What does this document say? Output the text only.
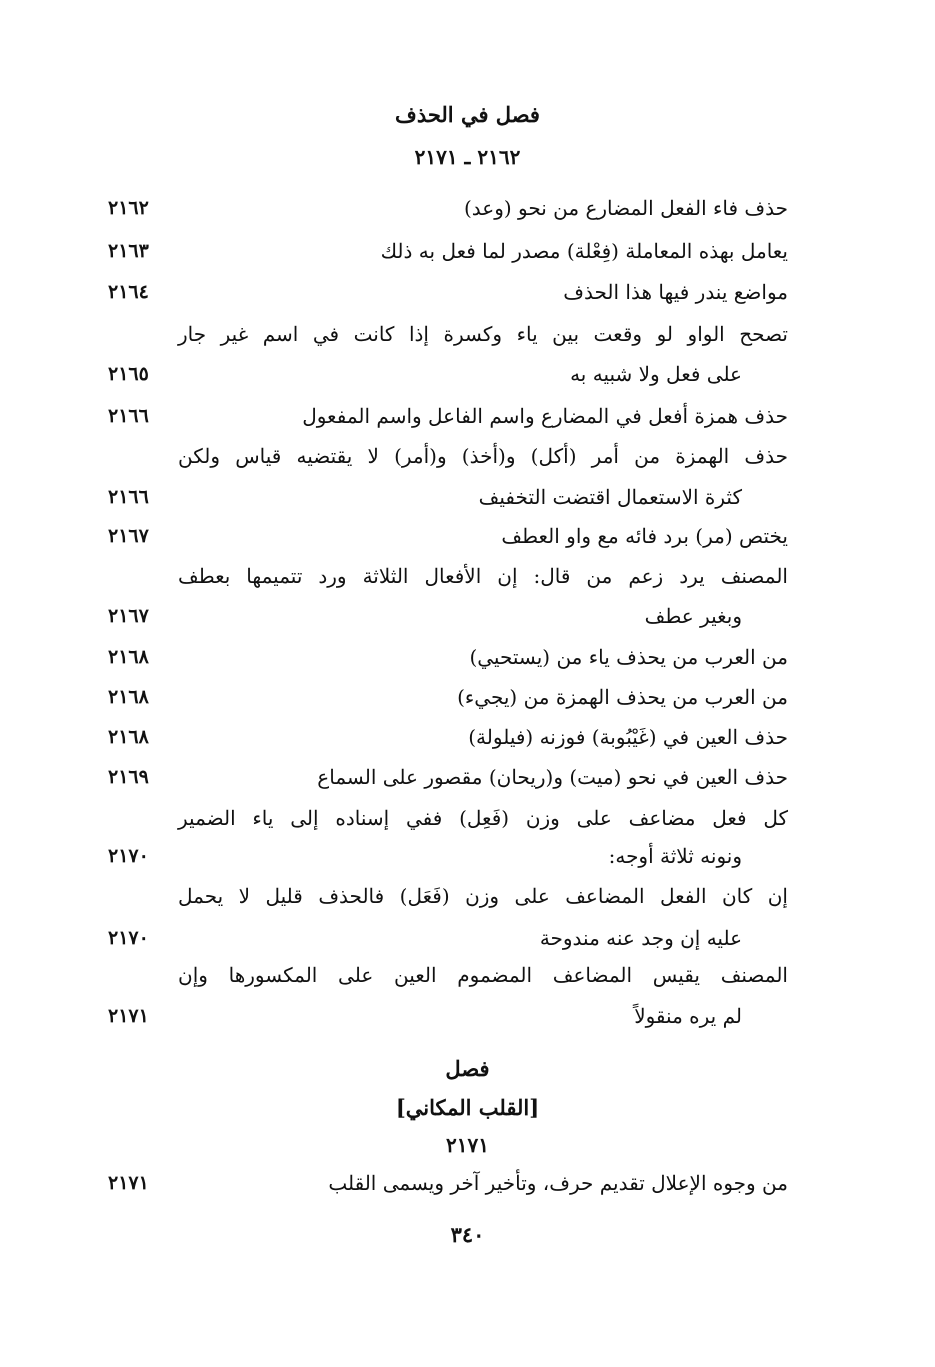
فصل في الحذف
٢١٦٢ ـ ٢١٧١
حذف فاء الفعل المضارع من نحو (وعد)
٢١٦٢
يعامل بهذه المعاملة (فِعْلة) مصدر لما فعل به ذلك
٢١٦٣
مواضع يندر فيها هذا الحذف
٢١٦٤
تصحح الواو لو وقعت بين ياء وكسرة إذا كانت في اسم غير جار
على فعل ولا شبيه به
٢١٦٥
حذف همزة أفعل في المضارع واسم الفاعل واسم المفعول
٢١٦٦
حذف الهمزة من أمر (أكل) و(أخذ) و(أمر) لا يقتضيه قياس ولكن
كثرة الاستعمال اقتضت التخفيف
٢١٦٦
يختص (مر) برد فائه مع واو العطف
٢١٦٧
المصنف يرد زعم من قال: إن الأفعال الثلاثة ورد تتميمها بعطف
وبغير عطف
٢١٦٧
من العرب من يحذف ياء من (يستحيي)
٢١٦٨
من العرب من يحذف الهمزة من (يجيء)
٢١٦٨
حذف العين في (غَيْبُوبة) فوزنه (فيلولة)
٢١٦٨
حذف العين في نحو (ميت) و(ريحان) مقصور على السماع
٢١٦٩
كل فعل مضاعف على وزن (فَعِل) ففي إسناده إلى ياء الضمير
ونونه ثلاثة أوجه:
٢١٧٠
إن كان الفعل المضاعف على وزن (فَعَل) فالحذف قليل لا يحمل
عليه إن وجد عنه مندوحة
٢١٧٠
المصنف يقيس المضاعف المضموم العين على المكسورها وإن
لم يره منقولاً
٢١٧١
فصل
[القلب المكاني]
٢١٧١
من وجوه الإعلال تقديم حرف، وتأخير آخر ويسمى القلب
٢١٧١
٣٤٠
